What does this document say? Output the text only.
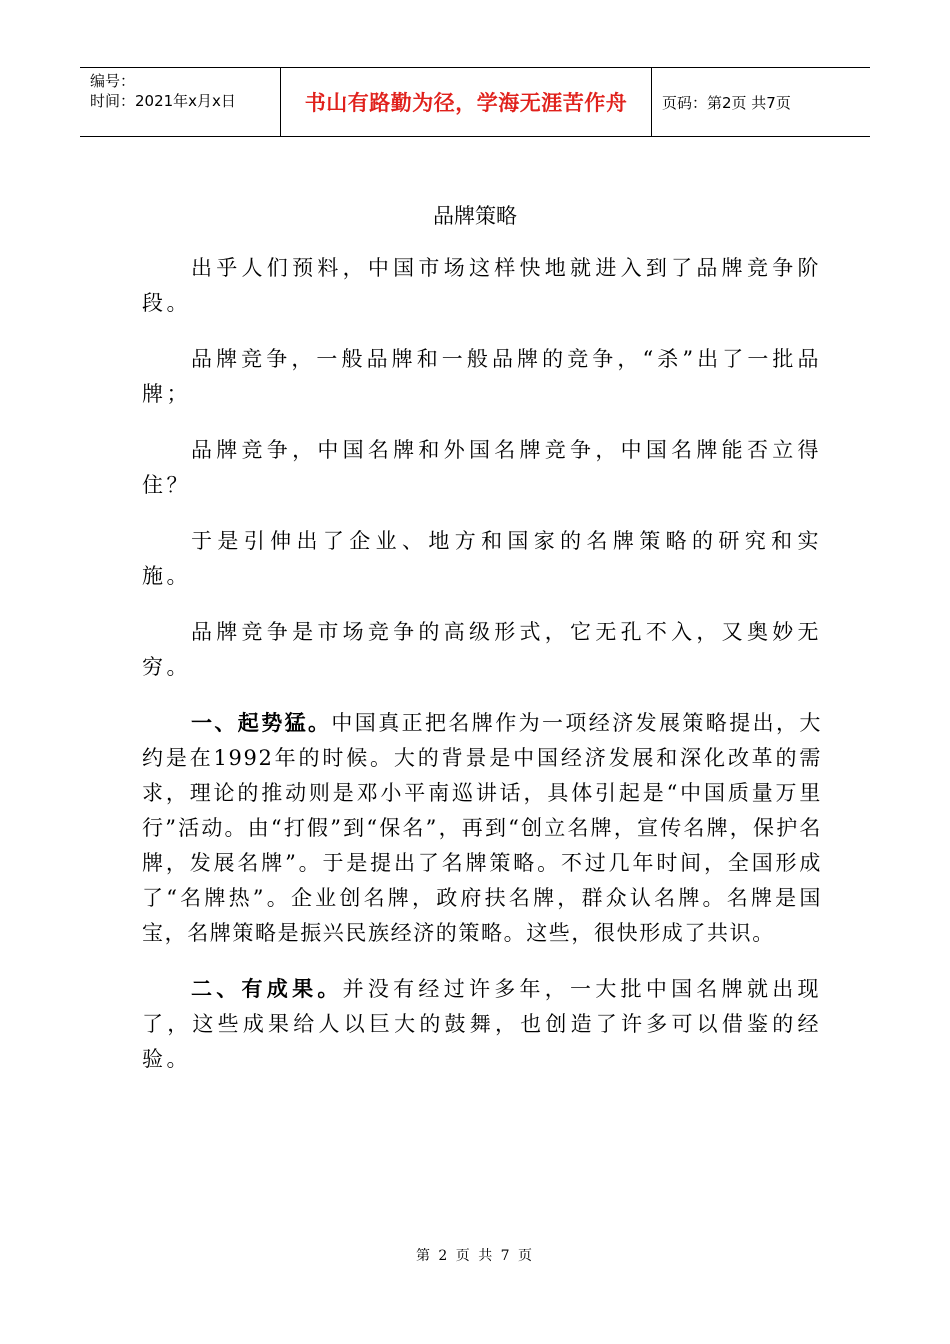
编号：
时间：2021年x月x日	书山有路勤为径，学海无涯苦作舟	页码：第2页 共7页
品牌策略

出乎人们预料，中国市场这样快地就进入到了品牌竞争阶段。

品牌竞争，一般品牌和一般品牌的竞争，“杀”出了一批品牌；

品牌竞争，中国名牌和外国名牌竞争，中国名牌能否立得住？

于是引伸出了企业、地方和国家的名牌策略的研究和实施。

品牌竞争是市场竞争的高级形式，它无孔不入，又奥妙无穷。

一、起势猛。中国真正把名牌作为一项经济发展策略提出，大约是在1992年的时候。大的背景是中国经济发展和深化改革的需求，理论的推动则是邓小平南巡讲话，具体引起是“中国质量万里行”活动。由“打假”到“保名”，再到“创立名牌，宣传名牌，保护名牌，发展名牌”。于是提出了名牌策略。不过几年时间，全国形成了“名牌热”。企业创名牌，政府扶名牌，群众认名牌。名牌是国宝，名牌策略是振兴民族经济的策略。这些，很快形成了共识。

二、有成果。并没有经过许多年，一大批中国名牌就出现了，这些成果给人以巨大的鼓舞，也创造了许多可以借鉴的经验。

第 2 页 共 7 页
